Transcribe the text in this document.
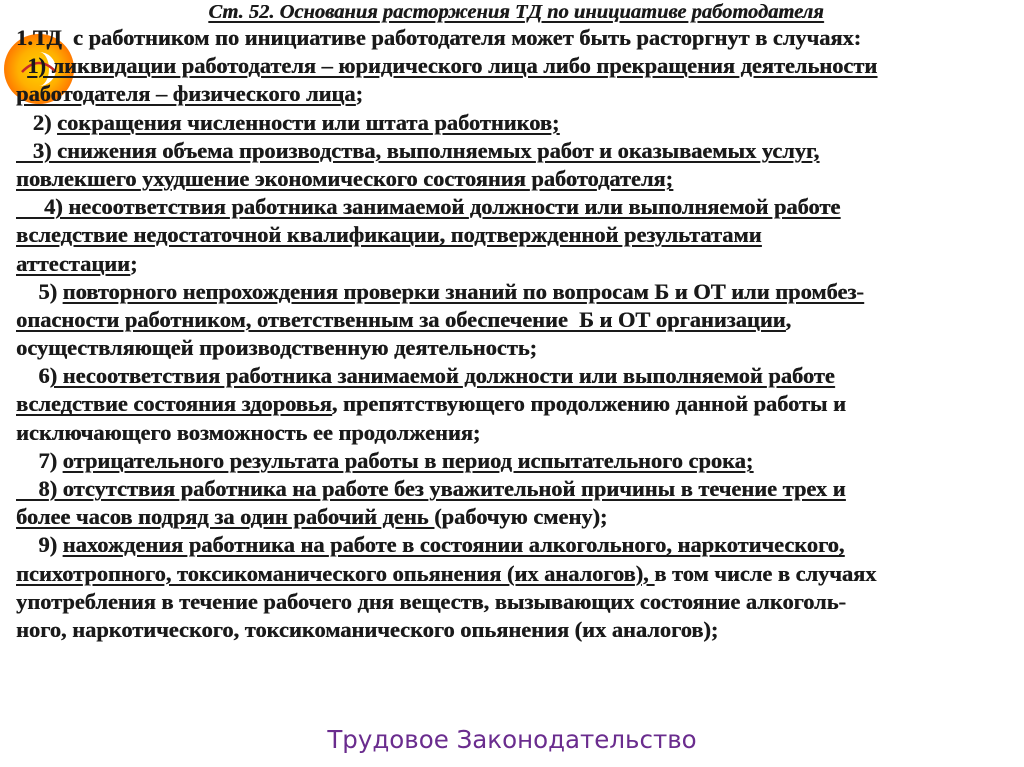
Ст. 52. Основания расторжения ТД по инициативе работодателя
1.ТД  с работником по инициативе работодателя может быть расторгнут в случаях:
1) ликвидации работодателя – юридического лица либо прекращения деятельности
работодателя – физического лица;
2) сокращения численности или штата работников;
3) снижения объема производства, выполняемых работ и оказываемых услуг,
повлекшего ухудшение экономического состояния работодателя;
4) несоответствия работника занимаемой должности или выполняемой работе
вследствие недостаточной квалификации, подтвержденной результатами
аттестации;
5) повторного непрохождения проверки знаний по вопросам Б и ОТ или промбез-
опасности работником, ответственным за обеспечение  Б и ОТ организации,
осуществляющей производственную деятельность;
6) несоответствия работника занимаемой должности или выполняемой работе
вследствие состояния здоровья, препятствующего продолжению данной работы и
исключающего возможность ее продолжения;
7) отрицательного результата работы в период испытательного срока;
8) отсутствия работника на работе без уважительной причины в течение трех и
более часов подряд за один рабочий день (рабочую смену);
9) нахождения работника на работе в состоянии алкогольного, наркотического,
психотропного, токсикоманического опьянения (их аналогов), в том числе в случаях
употребления в течение рабочего дня веществ, вызывающих состояние алкоголь-
ного, наркотического, токсикоманического опьянения (их аналогов);
Трудовое Законодательство
